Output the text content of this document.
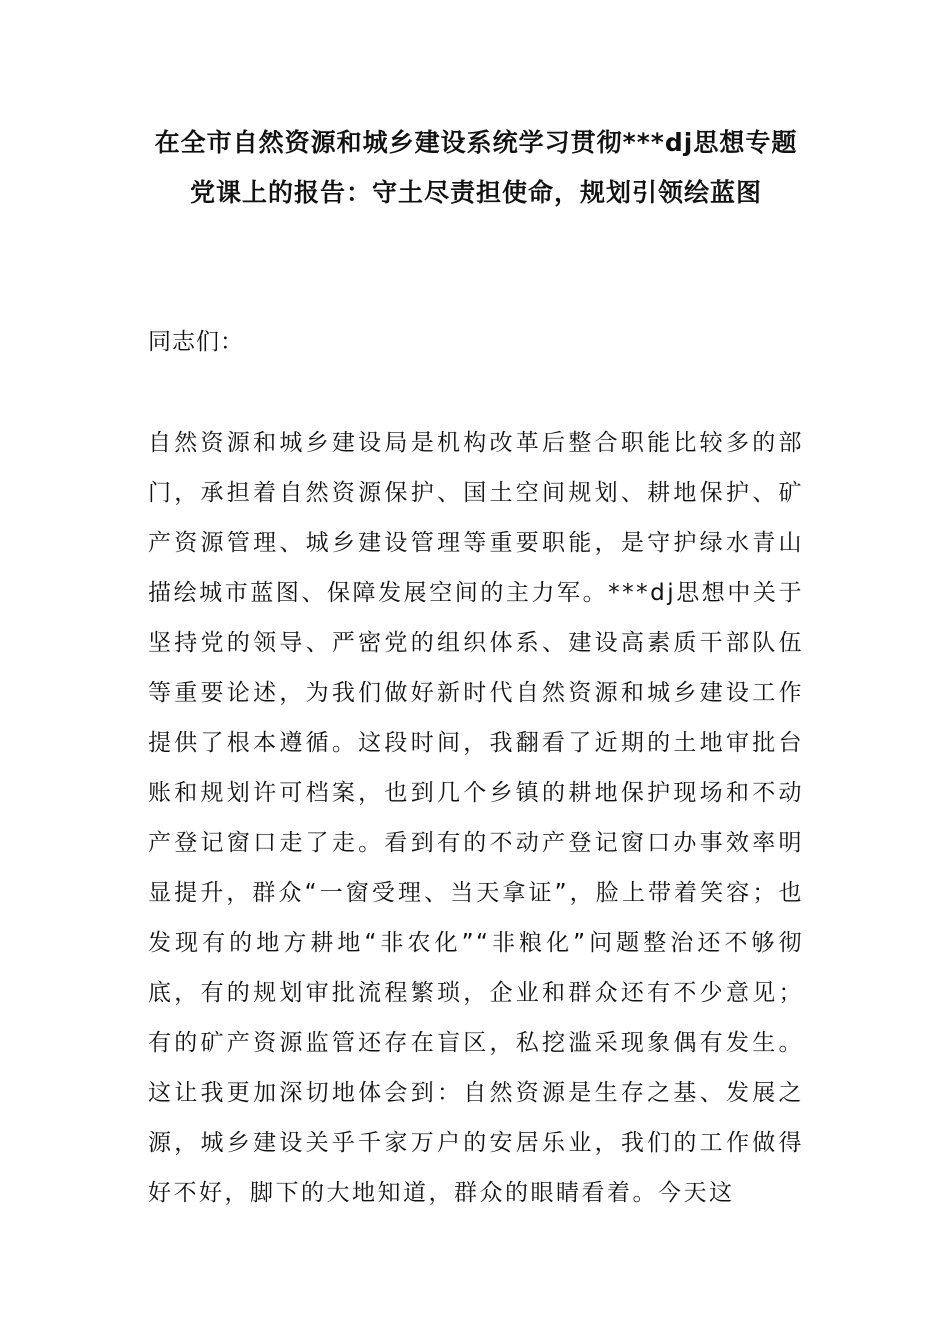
在全市自然资源和城乡建设系统学习贯彻***dj思想专题党课上的报告：守土尽责担使命，规划引领绘蓝图

同志们：

自然资源和城乡建设局是机构改革后整合职能比较多的部门，承担着自然资源保护、国土空间规划、耕地保护、矿产资源管理、城乡建设管理等重要职能，是守护绿水青山描绘城市蓝图、保障发展空间的主力军。***dj思想中关于坚持党的领导、严密党的组织体系、建设高素质干部队伍等重要论述，为我们做好新时代自然资源和城乡建设工作提供了根本遵循。这段时间，我翻看了近期的土地审批台账和规划许可档案，也到几个乡镇的耕地保护现场和不动产登记窗口走了走。看到有的不动产登记窗口办事效率明显提升，群众“一窗受理、当天拿证”，脸上带着笑容；也发现有的地方耕地“非农化”“非粮化”问题整治还不够彻底，有的规划审批流程繁琐，企业和群众还有不少意见；有的矿产资源监管还存在盲区，私挖滥采现象偶有发生。这让我更加深切地体会到：自然资源是生存之基、发展之源，城乡建设关乎千家万户的安居乐业，我们的工作做得好不好，脚下的大地知道，群众的眼睛看着。今天这
